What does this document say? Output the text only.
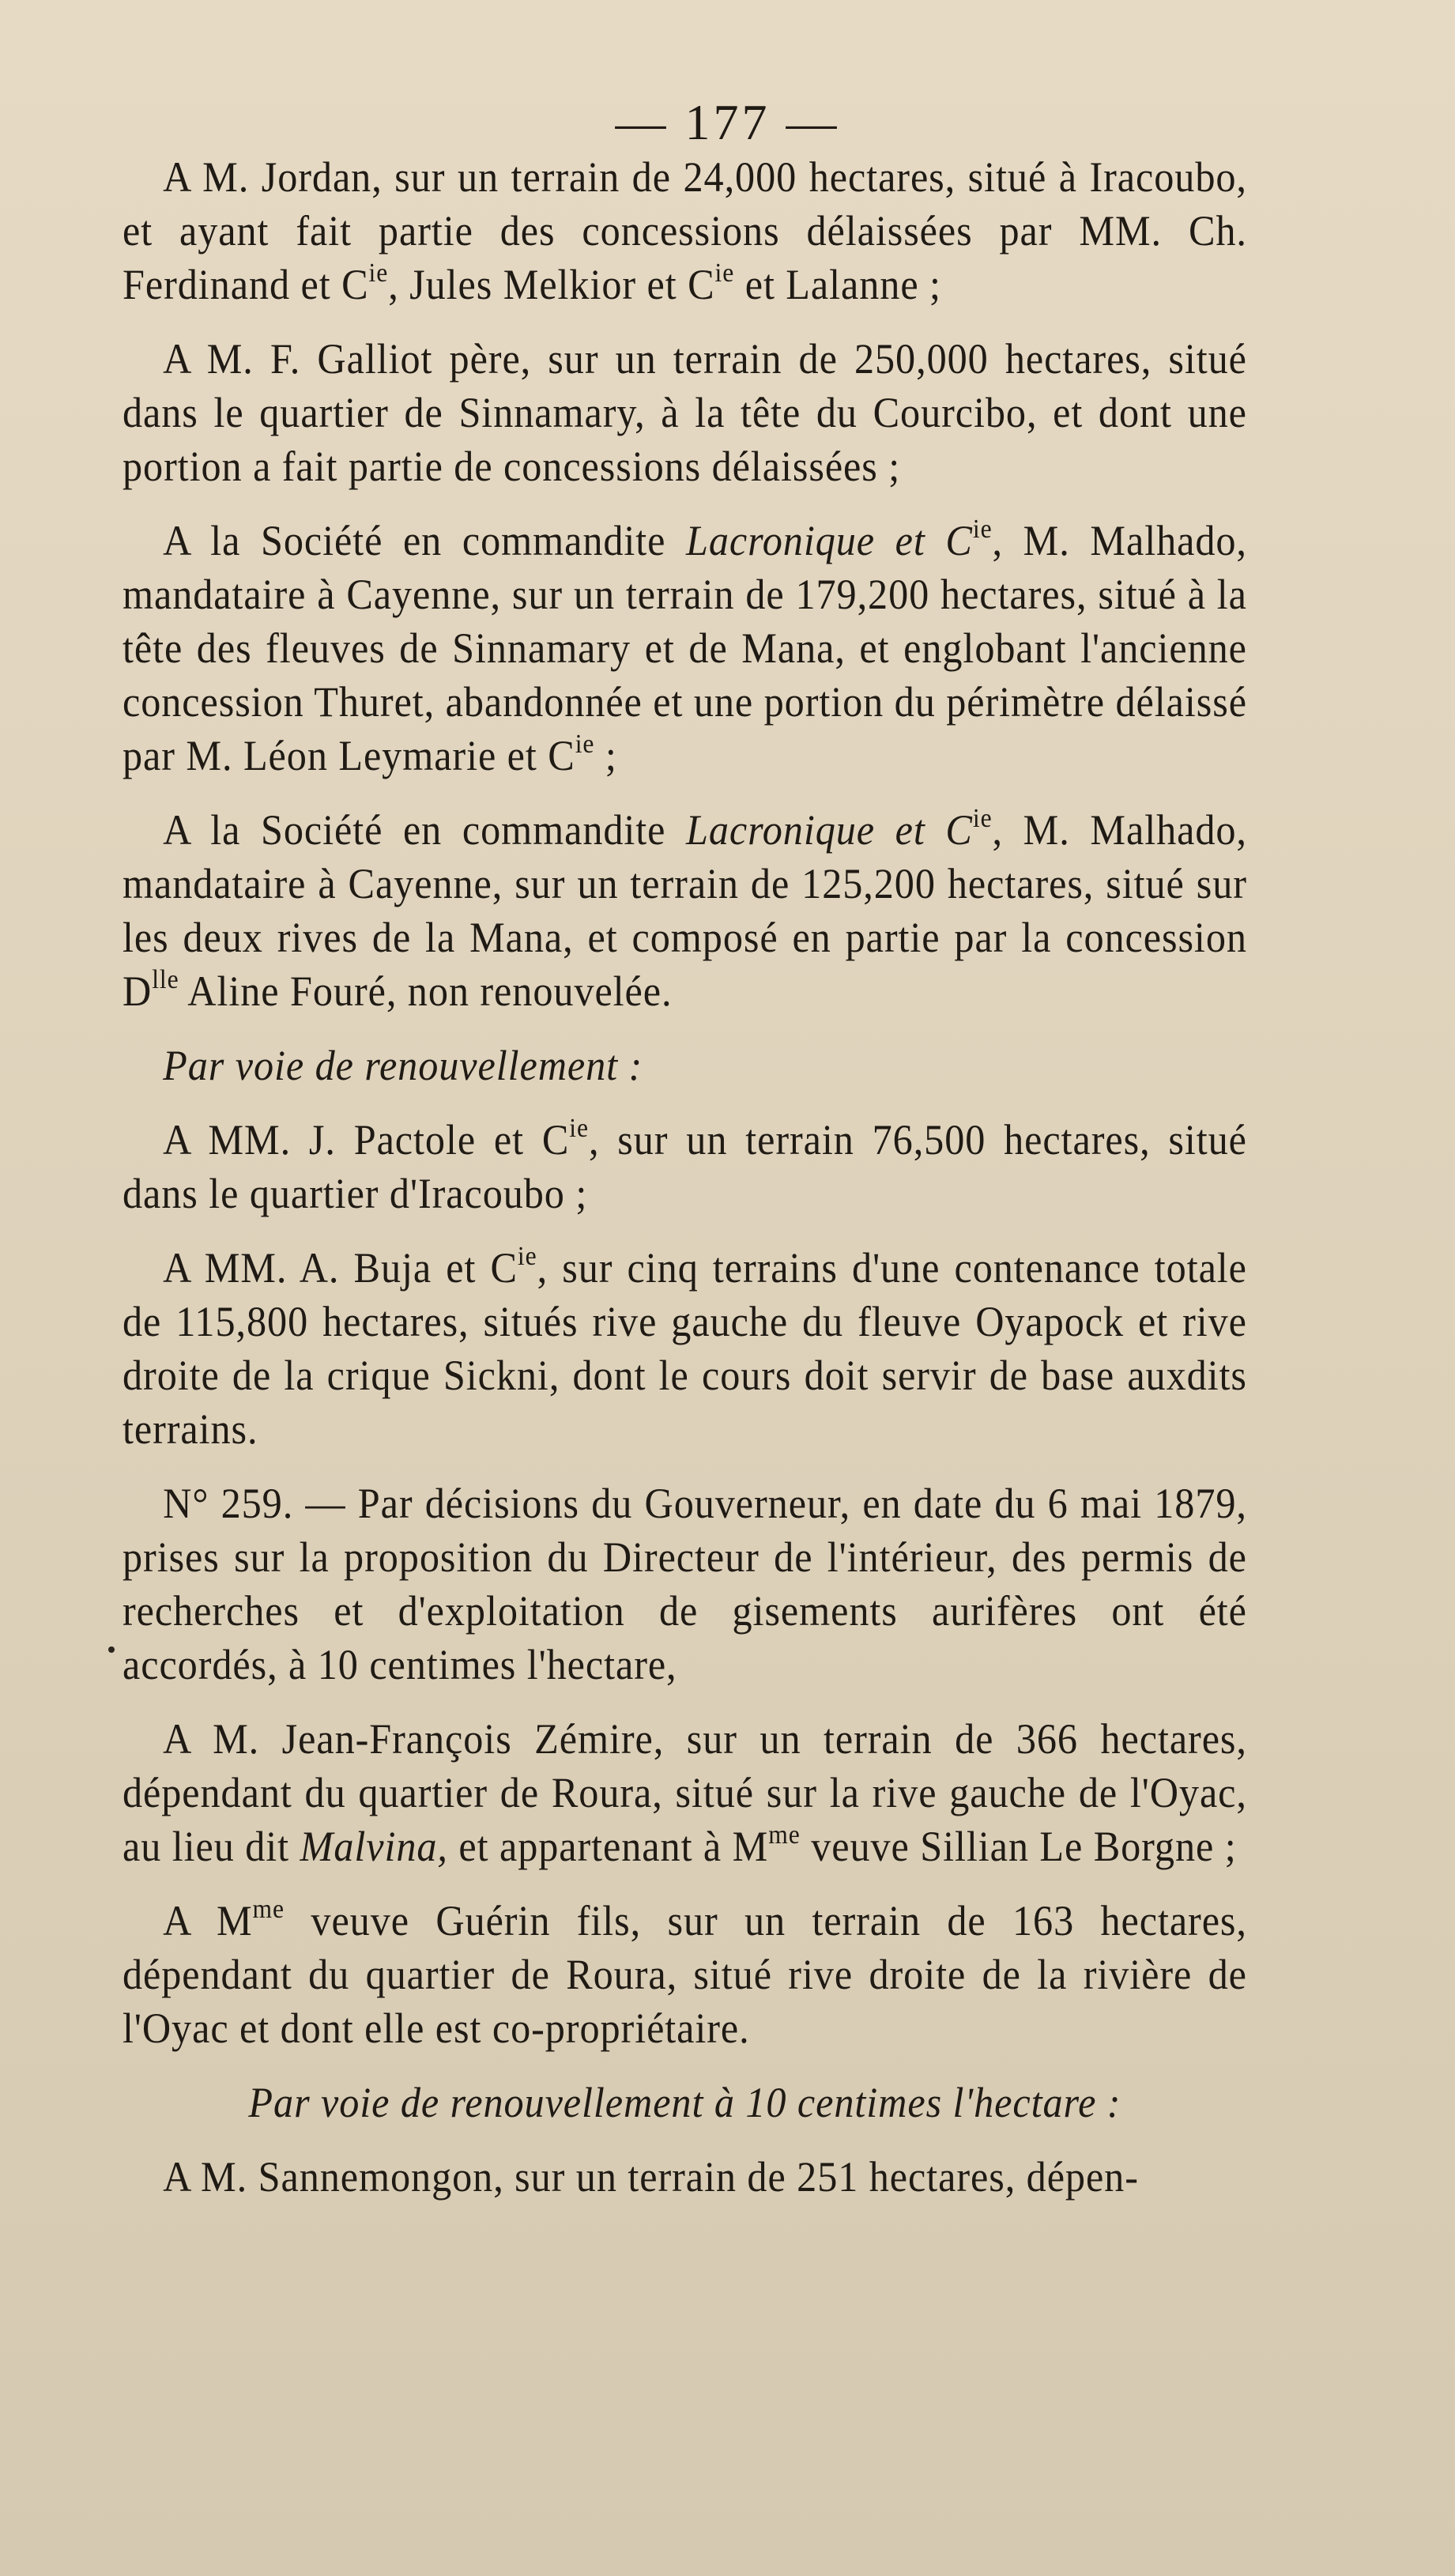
— 177 —

A M. Jordan, sur un terrain de 24,000 hectares, situé à Iracoubo, et ayant fait partie des concessions délaissées par MM. Ch. Ferdinand et $C^{ie}$, Jules Melkior et $C^{ie}$ et Lalanne ;

A M. F. Galliot père, sur un terrain de 250,000 hectares, situé dans le quartier de Sinnamary, à la tête du Courcibo, et dont une portion a fait partie de concessions délaissées ;

A la Société en commandite Lacronique et $C^{ie}$, M. Malhado, mandataire à Cayenne, sur un terrain de 179,200 hectares, situé à la tête des fleuves de Sinnamary et de Mana, et englobant l'ancienne concession Thuret, abandonnée et une portion du périmètre délaissé par M. Léon Leymarie et $C^{ie}$ ;

A la Société en commandite Lacronique et $C^{ie}$, M. Malhado, mandataire à Cayenne, sur un terrain de 125,200 hectares, situé sur les deux rives de la Mana, et composé en partie par la concession $D^{lle}$ Aline Fouré, non renouvelée.

Par voie de renouvellement :

A MM. J. Pactole et $C^{ie}$, sur un terrain 76,500 hectares, situé dans le quartier d'Iracoubo ;

A MM. A. Buja et $C^{ie}$, sur cinq terrains d'une contenance totale de 115,800 hectares, situés rive gauche du fleuve Oyapock et rive droite de la crique Sickni, dont le cours doit servir de base auxdits terrains.

N° 259. — Par décisions du Gouverneur, en date du 6 mai 1879, prises sur la proposition du Directeur de l'intérieur, des permis de recherches et d'exploitation de gisements aurifères ont été accordés, à 10 centimes l'hectare,

A M. Jean-François Zémire, sur un terrain de 366 hectares, dépendant du quartier de Roura, situé sur la rive gauche de l'Oyac, au lieu dit Malvina, et appartenant à $M^{me}$ veuve Sillian Le Borgne ;

A $M^{me}$ veuve Guérin fils, sur un terrain de 163 hectares, dépendant du quartier de Roura, situé rive droite de la rivière de l'Oyac et dont elle est co-propriétaire.

Par voie de renouvellement à 10 centimes l'hectare :

A M. Sannemongon, sur un terrain de 251 hectares, dépen-
